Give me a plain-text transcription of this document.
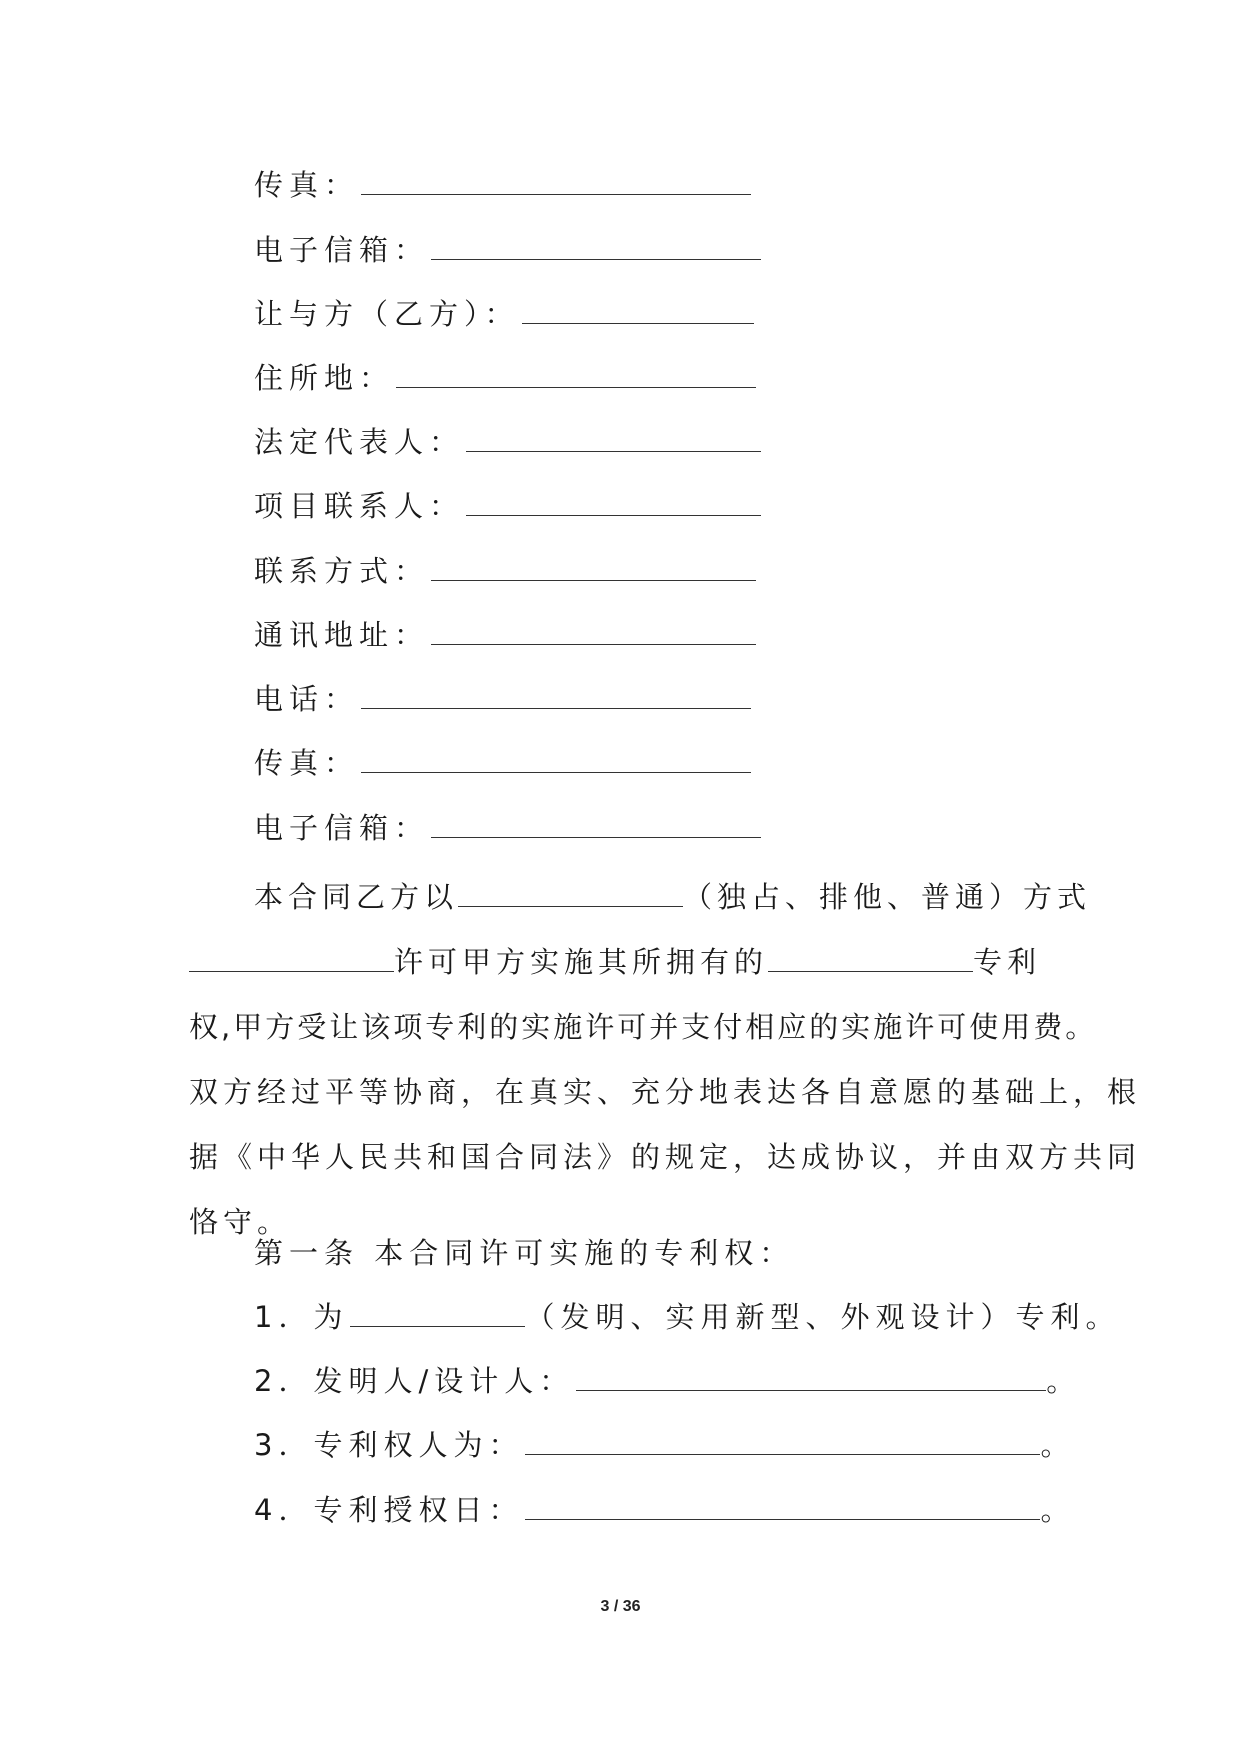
传真：
电子信箱：
让与方（乙方）：
住所地：
法定代表人：
项目联系人：
联系方式：
通讯地址：
电话：
传真：
电子信箱：
本合同乙方以	（独占、排他、普通）方式
许可甲方实施其所拥有的	专利
权,甲方受让该项专利的实施许可并支付相应的实施许可使用费。
双方经过平等协商，在真实、充分地表达各自意愿的基础上，根
据《中华人民共和国合同法》的规定，达成协议，并由双方共同
恪守。
第一条 本合同许可实施的专利权：
1．为	（发明、实用新型、外观设计）专利。
2．发明人/设计人：	。
3．专利权人为：	。
4．专利授权日：	。
3 / 36
